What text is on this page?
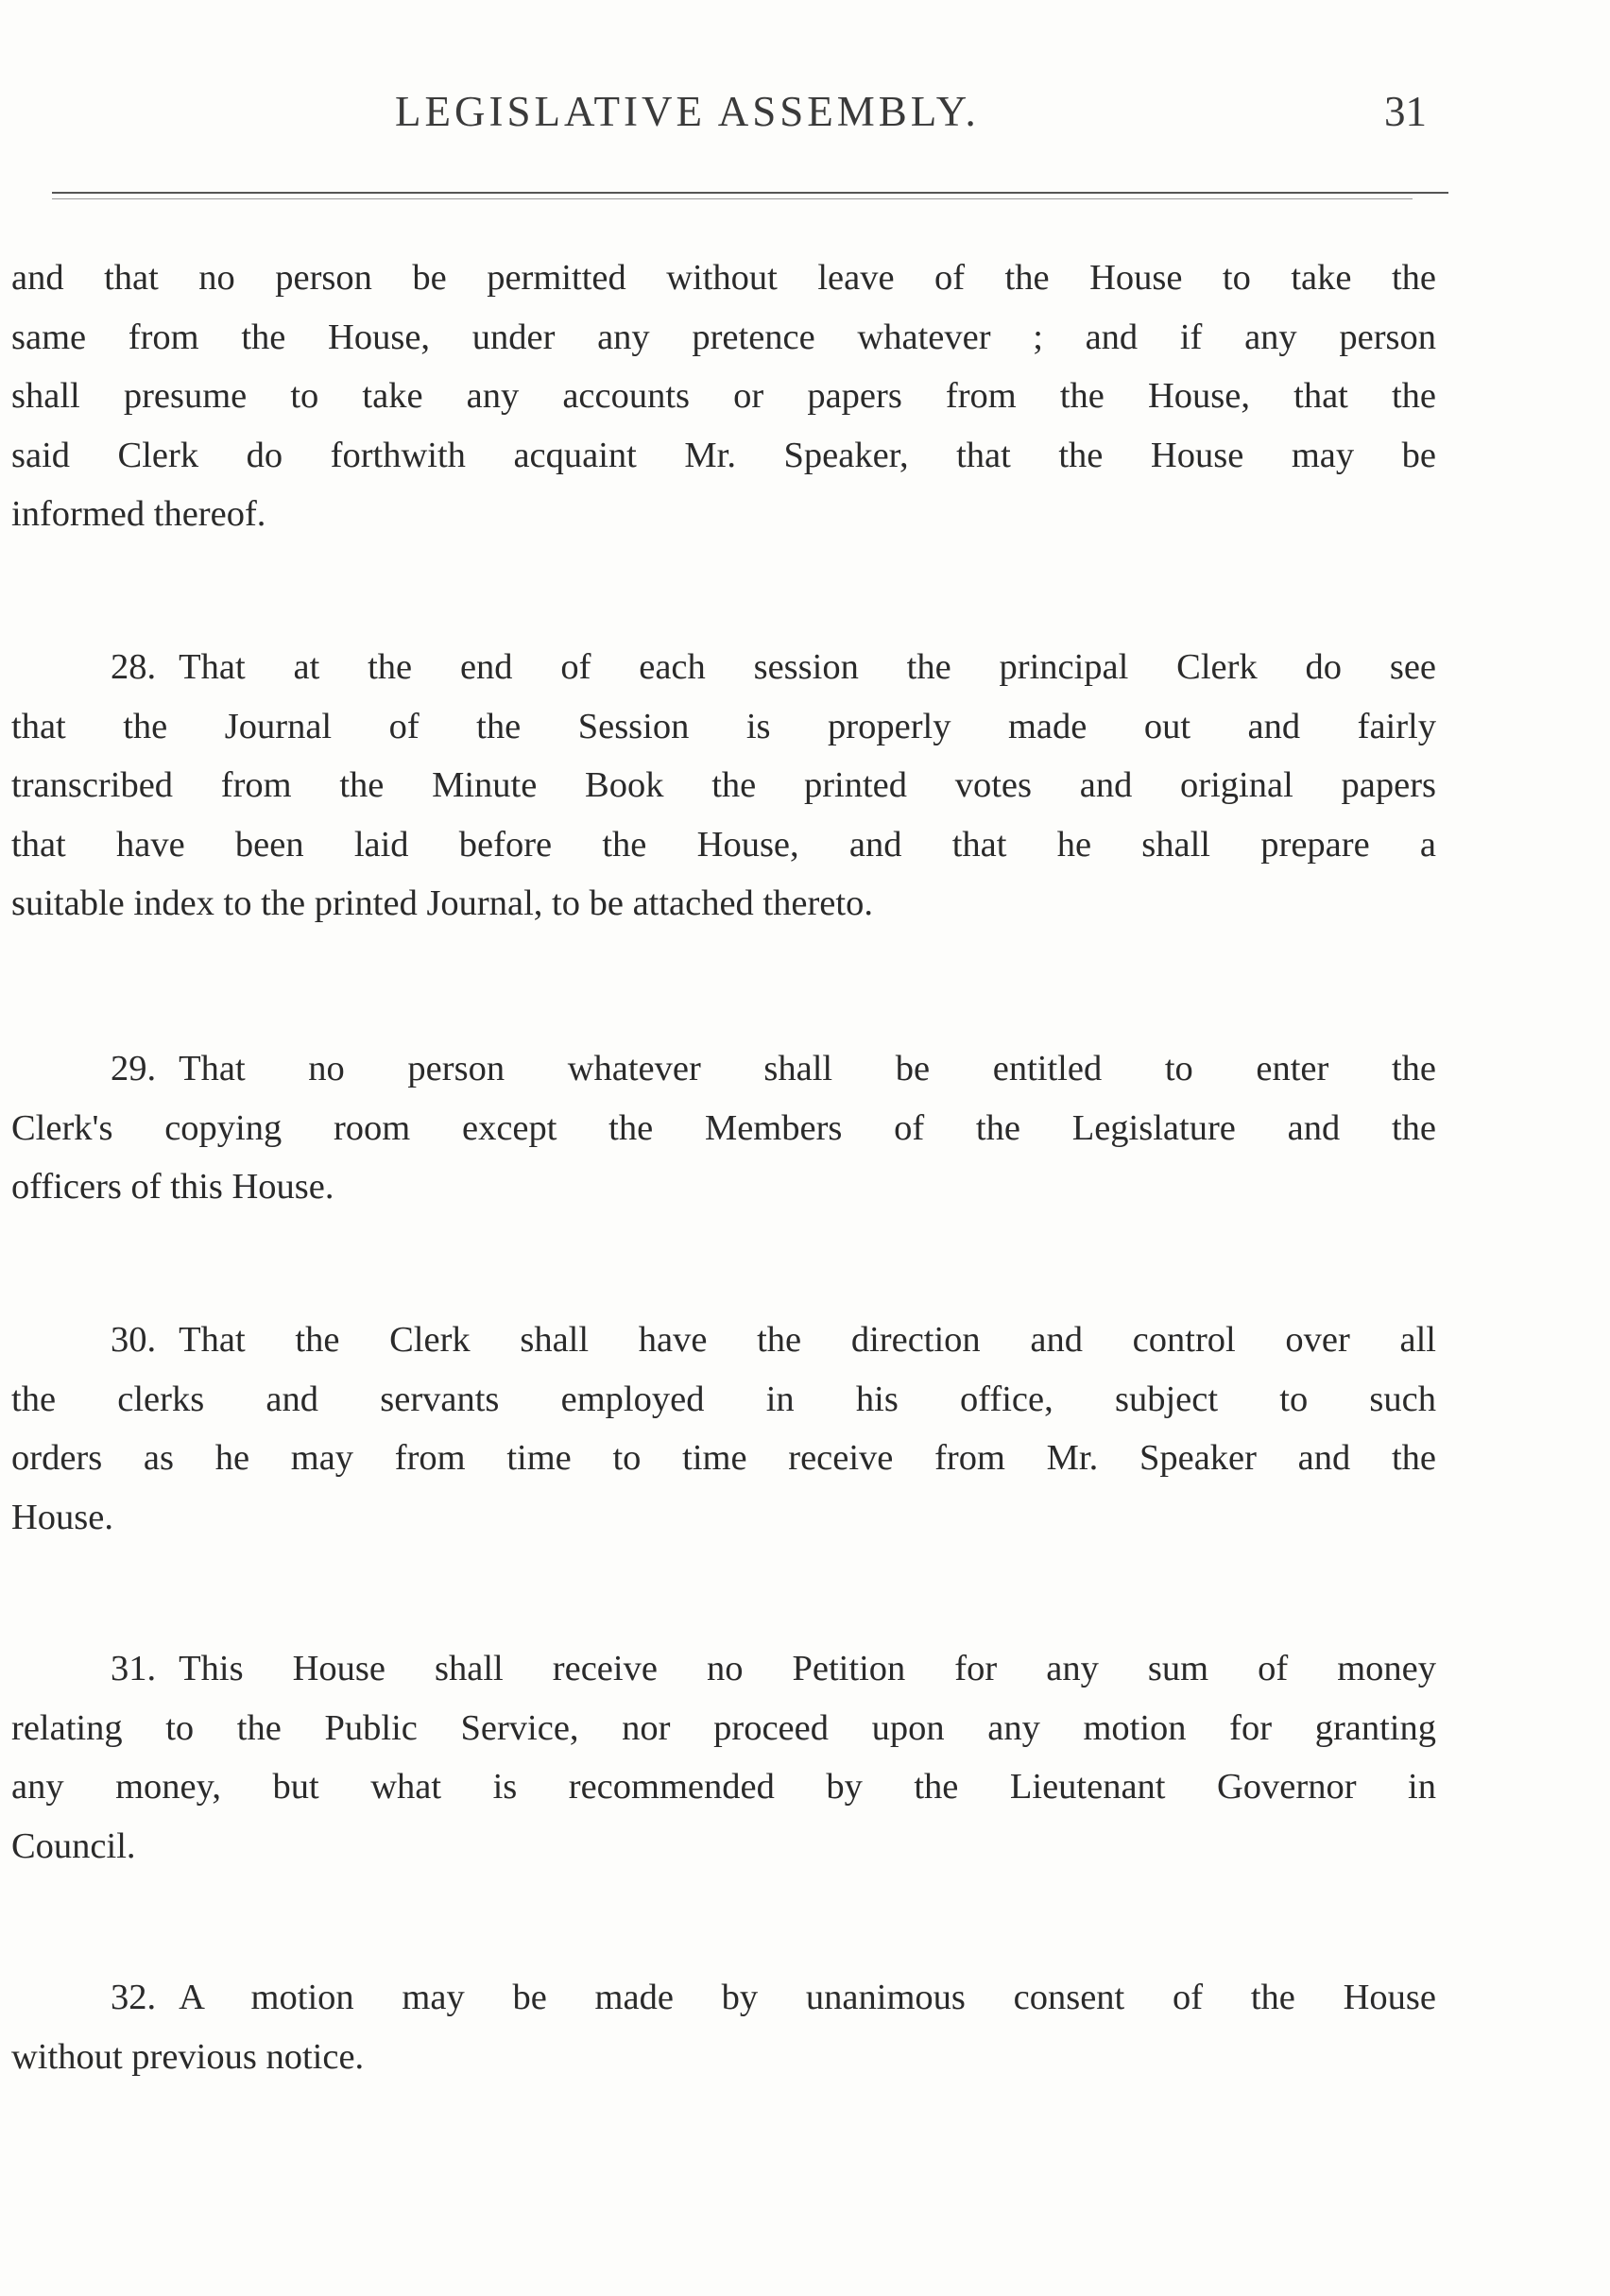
LEGISLATIVE ASSEMBLY.	31
and that no person be permitted without leave of the House to take the
same from the House, under any pretence whatever ; and if any person
shall presume to take any accounts or papers from the House, that the
said Clerk do forthwith acquaint Mr. Speaker, that the House may be
informed thereof.
28. That at the end of each session the principal Clerk do see
that the Journal of the Session is properly made out and fairly
transcribed from the Minute Book the printed votes and original papers
that have been laid before the House, and that he shall prepare a
suitable index to the printed Journal, to be attached thereto.
29. That no person whatever shall be entitled to enter the
Clerk's copying room except the Members of the Legislature and the
officers of this House.
30. That the Clerk shall have the direction and control over all
the clerks and servants employed in his office, subject to such
orders as he may from time to time receive from Mr. Speaker and the
House.
31. This House shall receive no Petition for any sum of money
relating to the Public Service, nor proceed upon any motion for granting
any money, but what is recommended by the Lieutenant Governor in
Council.
32. A motion may be made by unanimous consent of the House
without previous notice.
